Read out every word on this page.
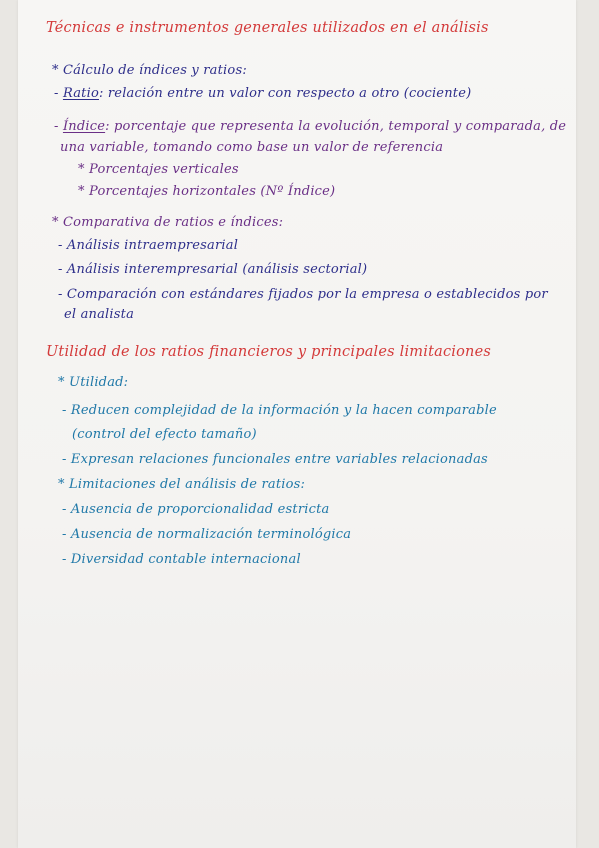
Técnicas e instrumentos generales utilizados en el análisis
* Cálculo de índices y ratios:
- Ratio: relación entre un valor con respecto a otro (cociente)
- Índice: porcentaje que representa la evolución, temporal y comparada, de
una variable, tomando como base un valor de referencia
* Porcentajes verticales
* Porcentajes horizontales (Nº Índice)
* Comparativa de ratios e índices:
- Análisis intraempresarial
- Análisis interempresarial (análisis sectorial)
- Comparación con estándares fijados por la empresa o establecidos por
el analista
Utilidad de los ratios financieros y principales limitaciones
* Utilidad:
- Reducen complejidad de la información y la hacen comparable
(control del efecto tamaño)
- Expresan relaciones funcionales entre variables relacionadas
* Limitaciones del análisis de ratios:
- Ausencia de proporcionalidad estricta
- Ausencia de normalización terminológica
- Diversidad contable internacional
